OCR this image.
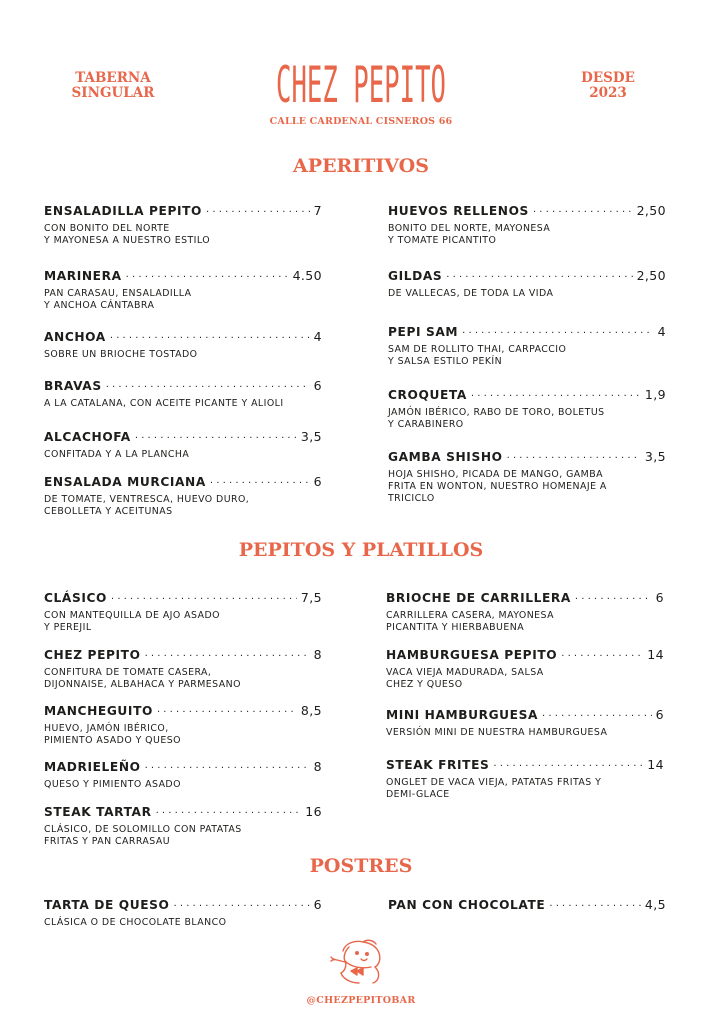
TABERNA
SINGULAR	CHEZ PEPITO
CALLE CARDENAL CISNEROS 66
DESDE
2023
APERITIVOS
PEPITOS Y PLATILLOS
POSTRES
ENSALADILLA PEPITO · · ·	7
CON BONITO DEL NORTE
Y MAYONESA A NUESTRO ESTILO
MARINERA · · ·	4.50
PAN CARASAU, ENSALADILLA
Y ANCHOA CÁNTABRA
ANCHOA · · ·	4
SOBRE UN BRIOCHE TOSTADO
BRAVAS · · ·	6
A LA CATALANA, CON ACEITE PICANTE Y ALIOLI
ALCACHOFA · · ·	3,5
CONFITADA Y A LA PLANCHA
ENSALADA MURCIANA · · ·	6
DE TOMATE, VENTRESCA, HUEVO DURO,
CEBOLLETA Y ACEITUNAS
HUEVOS RELLENOS · · ·	2,50
BONITO DEL NORTE, MAYONESA
Y TOMATE PICANTITO
GILDAS · · ·	2,50
DE VALLECAS, DE TODA LA VIDA
PEPI SAM · · ·	4
SAM DE ROLLITO THAI, CARPACCIO
Y SALSA ESTILO PEKÍN
CROQUETA · · ·	1,9
JAMÓN IBÉRICO, RABO DE TORO, BOLETUS
Y CARABINERO
GAMBA SHISHO · · ·	3,5
HOJA SHISHO, PICADA DE MANGO, GAMBA
FRITA EN WONTON, NUESTRO HOMENAJE A
TRICICLO
CLÁSICO · · ·	7,5
CON MANTEQUILLA DE AJO ASADO
Y PEREJIL
CHEZ PEPITO · · ·	8
CONFITURA DE TOMATE CASERA,
DIJONNAISE, ALBAHACA Y PARMESANO
MANCHEGUITO · · ·	8,5
HUEVO, JAMÓN IBÉRICO,
PIMIENTO ASADO Y QUESO
MADRIELEÑO · · ·	8
QUESO Y PIMIENTO ASADO
STEAK TARTAR · · ·	16
CLÁSICO, DE SOLOMILLO CON PATATAS
FRITAS Y PAN CARRASAU
BRIOCHE DE CARRILLERA · · ·	6
CARRILLERA CASERA, MAYONESA
PICANTITA Y HIERBABUENA
HAMBURGUESA PEPITO · · ·	14
VACA VIEJA MADURADA, SALSA
CHEZ Y QUESO
MINI HAMBURGUESA · · ·	6
VERSIÓN MINI DE NUESTRA HAMBURGUESA
STEAK FRITES · · ·	14
ONGLET DE VACA VIEJA, PATATAS FRITAS Y
DEMI-GLACE
TARTA DE QUESO · · ·	6
CLÁSICA O DE CHOCOLATE BLANCO
PAN CON CHOCOLATE · · ·	4,5
@CHEZPEPITOBAR
